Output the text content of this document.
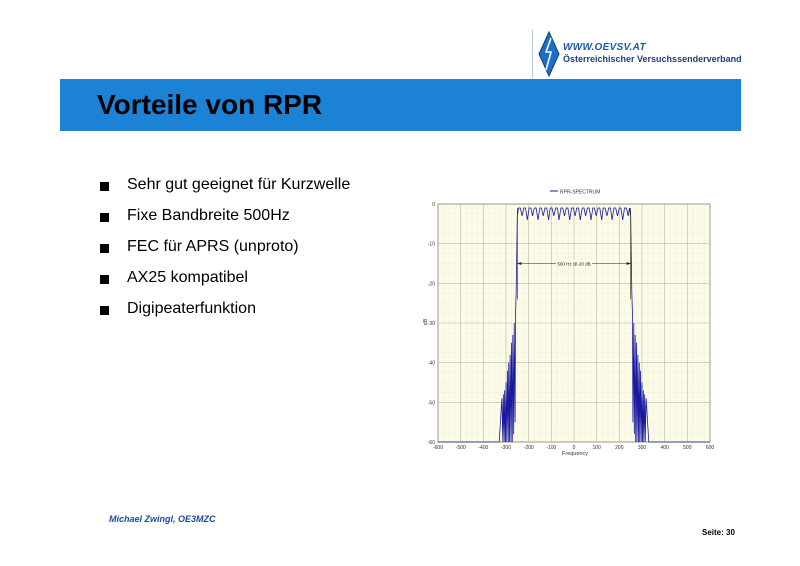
WWW.OEVSV.AT
Österreichischer Versuchssenderverband
Vorteile von RPR
Sehr gut geeignet für Kurzwelle
Fixe Bandbreite 500Hz
FEC für APRS (unproto)
AX25 kompatibel
Digipeaterfunktion
-600	-500	-400	-300	-200	-100	0	100	200	300	400	500	600
0
-10
-20
-30
-40
-50
-60
500 Hz @-20 dB
RPR-SPECTRUM
Frequency
dB
Michael Zwingl, OE3MZC
Seite: 30
